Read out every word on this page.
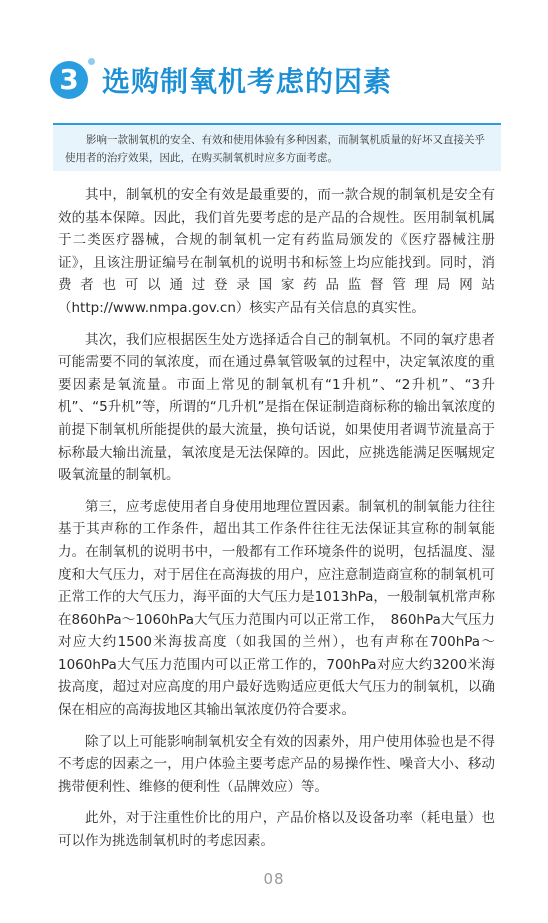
3 选购制氧机考虑的因素
影响一款制氧机的安全、有效和使用体验有多种因素，而制氧机质量的好坏又直接关乎使用者的治疗效果，因此，在购买制氧机时应多方面考虑。

其中，制氧机的安全有效是最重要的，而一款合规的制氧机是安全有效的基本保障。因此，我们首先要考虑的是产品的合规性。医用制氧机属于二类医疗器械，合规的制氧机一定有药监局颁发的《医疗器械注册证》，且该注册证编号在制氧机的说明书和标签上均应能找到。同时，消费者也可以通过登录国家药品监督管理局网站（http://www.nmpa.gov.cn）核实产品有关信息的真实性。

其次，我们应根据医生处方选择适合自己的制氧机。不同的氧疗患者可能需要不同的氧浓度，而在通过鼻氧管吸氧的过程中，决定氧浓度的重要因素是氧流量。市面上常见的制氧机有“1升机”、“2升机”、“3升机”、“5升机”等，所谓的“几升机”是指在保证制造商标称的输出氧浓度的前提下制氧机所能提供的最大流量，换句话说，如果使用者调节流量高于标称最大输出流量，氧浓度是无法保障的。因此，应挑选能满足医嘱规定吸氧流量的制氧机。

第三，应考虑使用者自身使用地理位置因素。制氧机的制氧能力往往基于其声称的工作条件，超出其工作条件往往无法保证其宣称的制氧能力。在制氧机的说明书中，一般都有工作环境条件的说明，包括温度、湿度和大气压力，对于居住在高海拔的用户，应注意制造商宣称的制氧机可正常工作的大气压力，海平面的大气压力是1013hPa，一般制氧机常声称在860hPa～1060hPa大气压力范围内可以正常工作，　860hPa大气压力对应大约1500米海拔高度（如我国的兰州），也有声称在700hPa～1060hPa大气压力范围内可以正常工作的，700hPa对应大约3200米海拔高度，超过对应高度的用户最好选购适应更低大气压力的制氧机，以确保在相应的高海拔地区其输出氧浓度仍符合要求。

除了以上可能影响制氧机安全有效的因素外，用户使用体验也是不得不考虑的因素之一，用户体验主要考虑产品的易操作性、噪音大小、移动携带便利性、维修的便利性（品牌效应）等。

此外，对于注重性价比的用户，产品价格以及设备功率（耗电量）也可以作为挑选制氧机时的考虑因素。

08
